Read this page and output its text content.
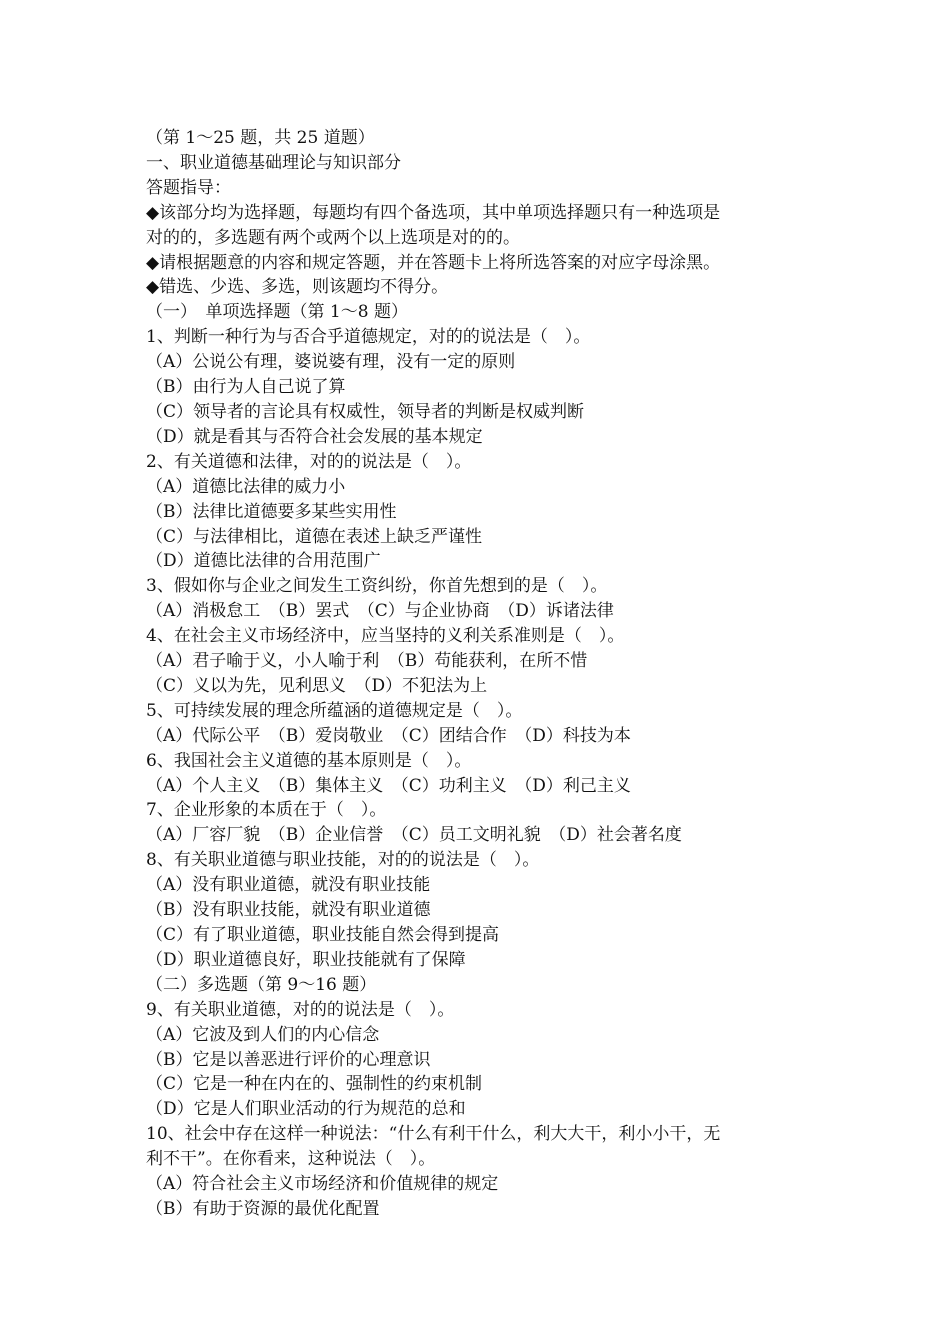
（第 1～25 题，共 25 道题）
一、职业道德基础理论与知识部分
答题指导：
◆该部分均为选择题，每题均有四个备选项，其中单项选择题只有一种选项是
对的的，多选题有两个或两个以上选项是对的的。
◆请根据题意的内容和规定答题，并在答题卡上将所选答案的对应字母涂黑。
◆错选、少选、多选，则该题均不得分。
（一）　单项选择题（第 1～8 题）
1、判断一种行为与否合乎道德规定，对的的说法是（　）。
（A）公说公有理，婆说婆有理，没有一定的原则
（B）由行为人自己说了算
（C）领导者的言论具有权威性，领导者的判断是权威判断
（D）就是看其与否符合社会发展的基本规定
2、有关道德和法律，对的的说法是（　）。
（A）道德比法律的威力小
（B）法律比道德要多某些实用性
（C）与法律相比，道德在表述上缺乏严谨性
（D）道德比法律的合用范围广
3、假如你与企业之间发生工资纠纷，你首先想到的是（　）。
（A）消极怠工　（B）罢式　（C）与企业协商　（D）诉诸法律
4、在社会主义市场经济中，应当坚持的义利关系准则是（　）。
（A）君子喻于义，小人喻于利　（B）苟能获利，在所不惜
（C）义以为先，见利思义　（D）不犯法为上
5、可持续发展的理念所蕴涵的道德规定是（　）。
（A）代际公平　（B）爱岗敬业　（C）团结合作　（D）科技为本
6、我国社会主义道德的基本原则是（　）。
（A）个人主义　（B）集体主义　（C）功利主义　（D）利己主义
7、企业形象的本质在于（　）。
（A）厂容厂貌　（B）企业信誉　（C）员工文明礼貌　（D）社会著名度
8、有关职业道德与职业技能，对的的说法是（　）。
（A）没有职业道德，就没有职业技能
（B）没有职业技能，就没有职业道德
（C）有了职业道德，职业技能自然会得到提高
（D）职业道德良好，职业技能就有了保障
（二）多选题（第 9～16 题）
9、有关职业道德，对的的说法是（　）。
（A）它波及到人们的内心信念
（B）它是以善恶进行评价的心理意识
（C）它是一种在内在的、强制性的约束机制
（D）它是人们职业活动的行为规范的总和
10、社会中存在这样一种说法：“什么有利干什么，利大大干，利小小干，无
利不干”。在你看来，这种说法（　）。
（A）符合社会主义市场经济和价值规律的规定
（B）有助于资源的最优化配置
